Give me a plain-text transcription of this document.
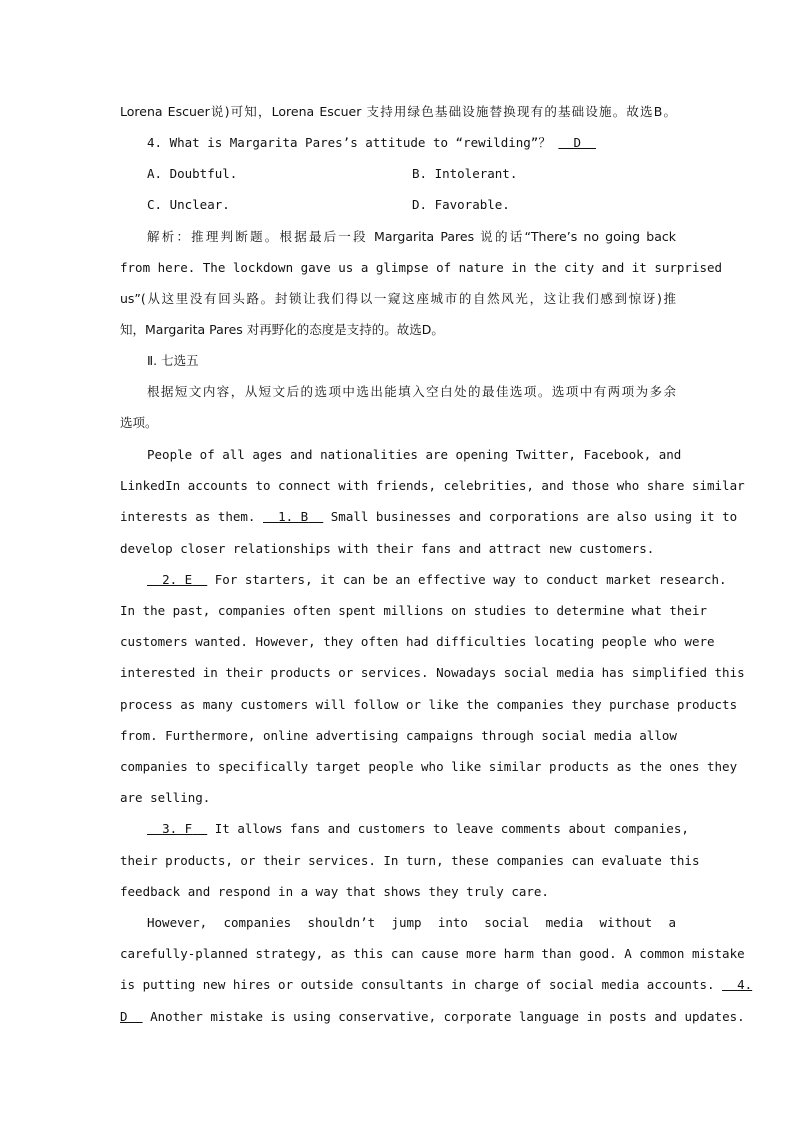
Lorena Escuer说)可知，Lorena Escuer 支持用绿色基础设施替换现有的基础设施。故选B。
4. What is Margarita Pares’s attitude to “rewilding”？ D
A. Doubtful.	B. Intolerant.
C. Unclear.	D. Favorable.
解析：推理判断题。根据最后一段 Margarita Pares 说的话“There’s no going back
from here. The lockdown gave us a glimpse of nature in the city and it surprised
us”(从这里没有回头路。封锁让我们得以一窥这座城市的自然风光，这让我们感到惊讶)推
知，Margarita Pares 对再野化的态度是支持的。故选D。
Ⅱ. 七选五
根据短文内容，从短文后的选项中选出能填入空白处的最佳选项。选项中有两项为多余
选项。
People of all ages and nationalities are opening Twitter, Facebook, and
LinkedIn accounts to connect with friends, celebrities, and those who share similar
interests as them. 1. B Small businesses and corporations are also using it to
develop closer relationships with their fans and attract new customers.
2. E For starters, it can be an effective way to conduct market research.
In the past, companies often spent millions on studies to determine what their
customers wanted. However, they often had difficulties locating people who were
interested in their products or services. Nowadays social media has simplified this
process as many customers will follow or like the companies they purchase products
from. Furthermore, online advertising campaigns through social media allow
companies to specifically target people who like similar products as the ones they
are selling.
3. F It allows fans and customers to leave comments about companies,
their products, or their services. In turn, these companies can evaluate this
feedback and respond in a way that shows they truly care.
However, companies shouldn’t jump into social media without a
carefully-planned strategy, as this can cause more harm than good. A common mistake
is putting new hires or outside consultants in charge of social media accounts. 4.
D Another mistake is using conservative, corporate language in posts and updates.
